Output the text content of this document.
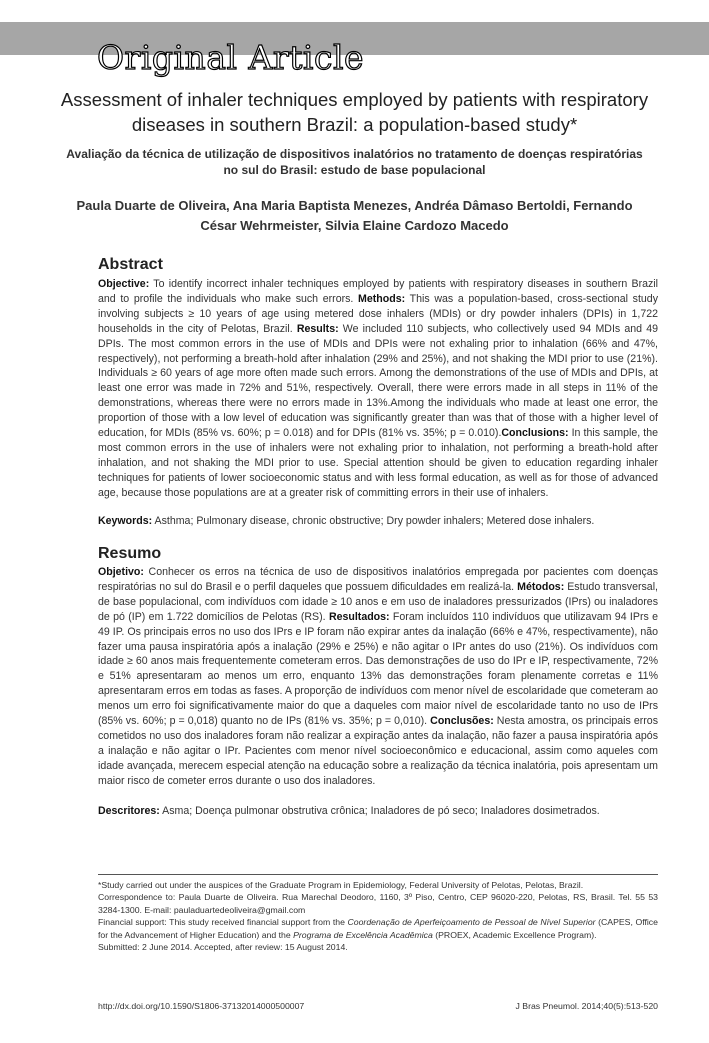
Original Article
Assessment of inhaler techniques employed by patients with respiratory diseases in southern Brazil: a population-based study*
Avaliação da técnica de utilização de dispositivos inalatórios no tratamento de doenças respiratórias no sul do Brasil: estudo de base populacional
Paula Duarte de Oliveira, Ana Maria Baptista Menezes, Andréa Dâmaso Bertoldi, Fernando César Wehrmeister, Silvia Elaine Cardozo Macedo
Abstract
Objective: To identify incorrect inhaler techniques employed by patients with respiratory diseases in southern Brazil and to profile the individuals who make such errors. Methods: This was a population-based, cross-sectional study involving subjects ≥ 10 years of age using metered dose inhalers (MDIs) or dry powder inhalers (DPIs) in 1,722 households in the city of Pelotas, Brazil. Results: We included 110 subjects, who collectively used 94 MDIs and 49 DPIs. The most common errors in the use of MDIs and DPIs were not exhaling prior to inhalation (66% and 47%, respectively), not performing a breath-hold after inhalation (29% and 25%), and not shaking the MDI prior to use (21%). Individuals ≥ 60 years of age more often made such errors. Among the demonstrations of the use of MDIs and DPIs, at least one error was made in 72% and 51%, respectively. Overall, there were errors made in all steps in 11% of the demonstrations, whereas there were no errors made in 13%.Among the individuals who made at least one error, the proportion of those with a low level of education was significantly greater than was that of those with a higher level of education, for MDIs (85% vs. 60%; p = 0.018) and for DPIs (81% vs. 35%; p = 0.010).Conclusions: In this sample, the most common errors in the use of inhalers were not exhaling prior to inhalation, not performing a breath-hold after inhalation, and not shaking the MDI prior to use. Special attention should be given to education regarding inhaler techniques for patients of lower socioeconomic status and with less formal education, as well as for those of advanced age, because those populations are at a greater risk of committing errors in their use of inhalers.
Keywords: Asthma; Pulmonary disease, chronic obstructive; Dry powder inhalers; Metered dose inhalers.
Resumo
Objetivo: Conhecer os erros na técnica de uso de dispositivos inalatórios empregada por pacientes com doenças respiratórias no sul do Brasil e o perfil daqueles que possuem dificuldades em realizá-la. Métodos: Estudo transversal, de base populacional, com indivíduos com idade ≥ 10 anos e em uso de inaladores pressurizados (IPrs) ou inaladores de pó (IP) em 1.722 domicílios de Pelotas (RS). Resultados: Foram incluídos 110 indivíduos que utilizavam 94 IPrs e 49 IP. Os principais erros no uso dos IPrs e IP foram não expirar antes da inalação (66% e 47%, respectivamente), não fazer uma pausa inspiratória após a inalação (29% e 25%) e não agitar o IPr antes do uso (21%). Os indivíduos com idade ≥ 60 anos mais frequentemente cometeram erros. Das demonstrações de uso do IPr e IP, respectivamente, 72% e 51% apresentaram ao menos um erro, enquanto 13% das demonstrações foram plenamente corretas e 11% apresentaram erros em todas as fases. A proporção de indivíduos com menor nível de escolaridade que cometeram ao menos um erro foi significativamente maior do que a daqueles com maior nível de escolaridade tanto no uso de IPrs (85% vs. 60%; p = 0,018) quanto no de IPs (81% vs. 35%; p = 0,010). Conclusões: Nesta amostra, os principais erros cometidos no uso dos inaladores foram não realizar a expiração antes da inalação, não fazer a pausa inspiratória após a inalação e não agitar o IPr. Pacientes com menor nível socioeconômico e educacional, assim como aqueles com idade avançada, merecem especial atenção na educação sobre a realização da técnica inalatória, pois apresentam um maior risco de cometer erros durante o uso dos inaladores.
Descritores: Asma; Doença pulmonar obstrutiva crônica; Inaladores de pó seco; Inaladores dosimetrados.

*Study carried out under the auspices of the Graduate Program in Epidemiology, Federal University of Pelotas, Pelotas, Brazil.

Correspondence to: Paula Duarte de Oliveira. Rua Marechal Deodoro, 1160, 3º Piso, Centro, CEP 96020-220, Pelotas, RS, Brasil. Tel. 55 53 3284-1300. E-mail: pauladuartedeoliveira@gmail.com

Financial support: This study received financial support from the Coordenação de Aperfeiçoamento de Pessoal de Nível Superior (CAPES, Office for the Advancement of Higher Education) and the Programa de Excelência Acadêmica (PROEX, Academic Excellence Program).

Submitted: 2 June 2014. Accepted, after review: 15 August 2014.

http://dx.doi.org/10.1590/S1806-37132014000500007	J Bras Pneumol. 2014;40(5):513-520
